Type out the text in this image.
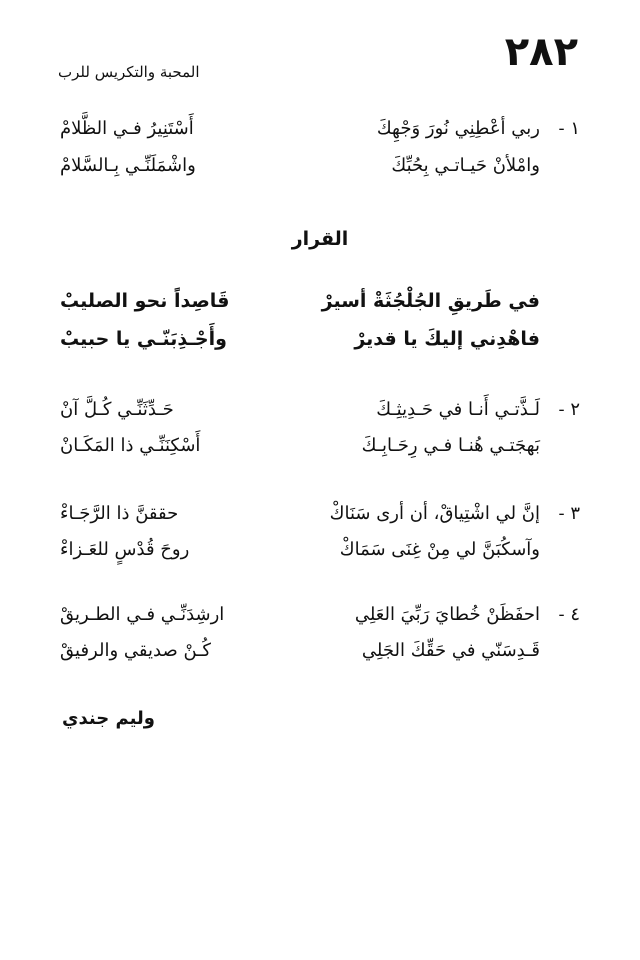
٢٨٢
المحبة والتكريس للرب
١ -
ربي أعْطِنِي نُورَ وَجْهِكَ
أَسْتَنِيرُ فـي الظَّلامْ
وامْلأنْ حَيـاتـي بِحُبِّكَ
واشْمَلَنِّـي بِـالسَّلامْ
القرار
في طَريقِ الجُلْجُثَةْ أسيرْ
قَاصِداً نحو الصليبْ
فاهْدِني إليكَ يا قديرْ
وأَجْـذِبَنّـي يا حبيبْ
٢ -
لَـذَّتـي أَنـا في حَـدِيثِـكَ
حَـدِّثَنِّـي كُـلَّ آنْ
بَهجَتـي هُنـا فـي رِحَـابِـكَ
أَسْكِنَنِّـي ذا المَكَـانْ
٣ -
إنَّ لي اشْتِياقْ، أن أرى سَنَاكْ
حققنَّ ذا الرَّجَـاءْ
وآسكُبَنَّ لي مِنْ غِنَى سَمَاكْ
روحَ قُدْسٍ للعَـزاءْ
٤ -
احفَظَنْ خُطايَ رَبِّيَ العَلِي
ارشِدَنِّـي فـي الطـريقْ
قَـدِسَنّي في حَقِّكَ الجَلِي
كُـنْ صديقي والرفيقْ
وليم جندي
